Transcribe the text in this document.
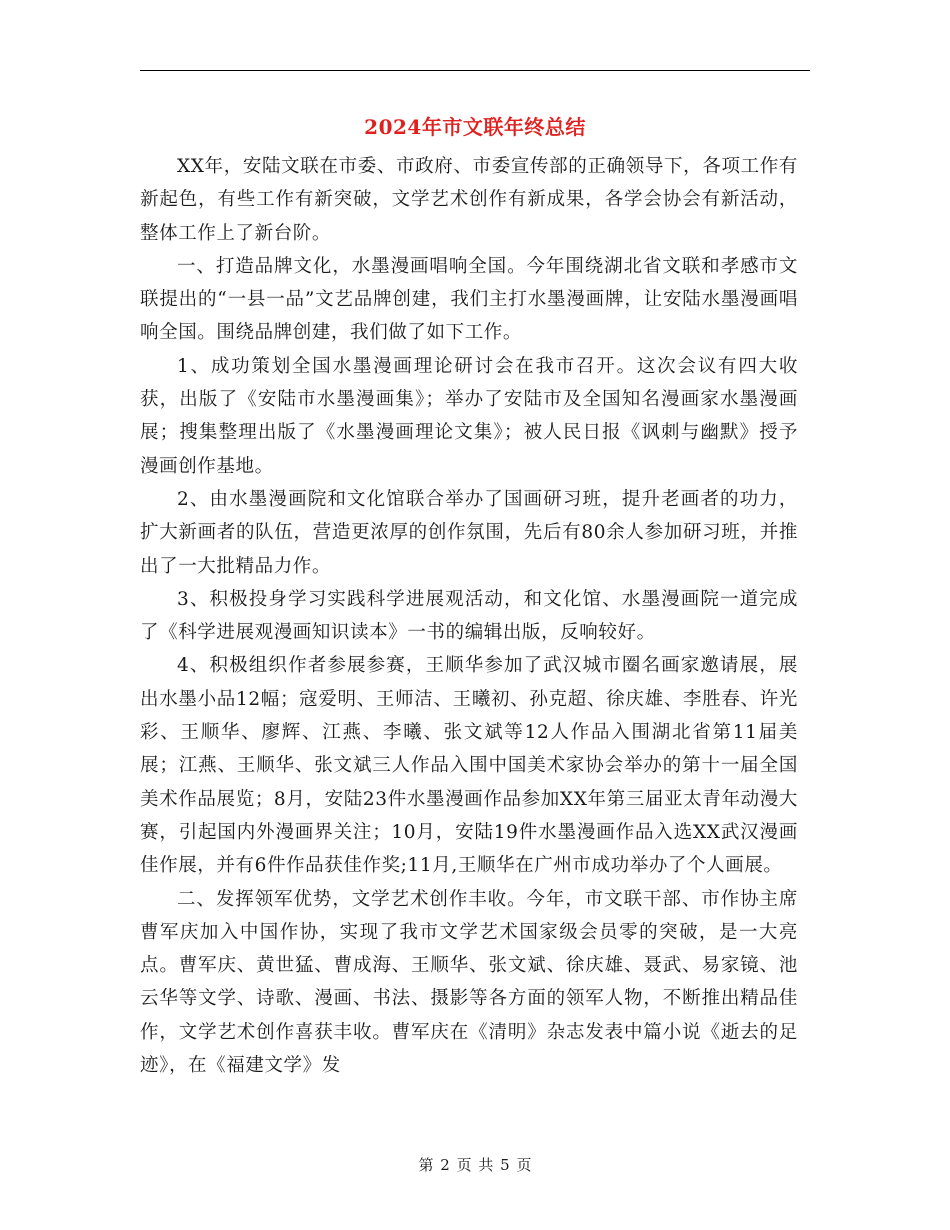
2024年市文联年终总结

XX年，安陆文联在市委、市政府、市委宣传部的正确领导下，各项工作有新起色，有些工作有新突破，文学艺术创作有新成果，各学会协会有新活动，整体工作上了新台阶。

一、打造品牌文化，水墨漫画唱响全国。今年围绕湖北省文联和孝感市文联提出的“一县一品”文艺品牌创建，我们主打水墨漫画牌，让安陆水墨漫画唱响全国。围绕品牌创建，我们做了如下工作。

1、成功策划全国水墨漫画理论研讨会在我市召开。这次会议有四大收获，出版了《安陆市水墨漫画集》；举办了安陆市及全国知名漫画家水墨漫画展；搜集整理出版了《水墨漫画理论文集》；被人民日报《讽刺与幽默》授予漫画创作基地。

2、由水墨漫画院和文化馆联合举办了国画研习班，提升老画者的功力，扩大新画者的队伍，营造更浓厚的创作氛围，先后有80余人参加研习班，并推出了一大批精品力作。

3、积极投身学习实践科学进展观活动，和文化馆、水墨漫画院一道完成了《科学进展观漫画知识读本》一书的编辑出版，反响较好。

4、积极组织作者参展参赛，王顺华参加了武汉城市圈名画家邀请展，展出水墨小品12幅；寇爱明、王师洁、王曦初、孙克超、徐庆雄、李胜春、许光彩、王顺华、廖辉、江燕、李曦、张文斌等12人作品入围湖北省第11届美展；江燕、王顺华、张文斌三人作品入围中国美术家协会举办的第十一届全国美术作品展览；8月，安陆23件水墨漫画作品参加XX年第三届亚太青年动漫大赛，引起国内外漫画界关注；10月，安陆19件水墨漫画作品入选XX武汉漫画佳作展，并有6件作品获佳作奖;11月,王顺华在广州市成功举办了个人画展。

二、发挥领军优势，文学艺术创作丰收。今年，市文联干部、市作协主席曹军庆加入中国作协，实现了我市文学艺术国家级会员零的突破，是一大亮点。曹军庆、黄世猛、曹成海、王顺华、张文斌、徐庆雄、聂武、易家镜、池云华等文学、诗歌、漫画、书法、摄影等各方面的领军人物，不断推出精品佳作，文学艺术创作喜获丰收。曹军庆在《清明》杂志发表中篇小说《逝去的足迹》，在《福建文学》发

第 2 页 共 5 页
